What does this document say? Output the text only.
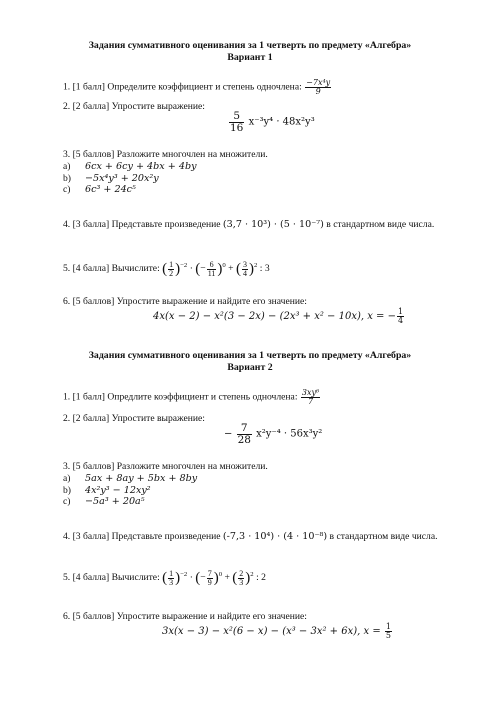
Задания суммативного оценивания за 1 четверть по предмету «Алгебра»
Вариант 1
1. [1 балл] Определите коэффициент и степень одночлена: $\frac{\text{−7x⁴y}}{9}$
2. [2 балла] Упростите выражение:
$\frac{5}{16} x^{-3}y^4 \cdot 48x^2y^3$
3. [5 баллов] Разложите многочлен на множители.
a) 6cx + 6cy + 4bx + 4by
b) −5x⁴y³ + 20x²y
c) 6c³ + 24c⁵
4. [3 балла] Представьте произведение (3,7 · 10³) · (5 · 10⁻⁷) в стандартном виде числа.
5. [4 балла] Вычислите: ( $\frac{1}{2} )^{-2}$ · (− $\frac{6}{11} )^0$ + ( $\frac{3}{4} )^2$ : 3
6. [5 баллов] Упростите выражение и найдите его значение:
4x(x − 2) − x²(3 − 2x) − (2x³ + x² − 10x), x = − $\frac{1}{4}$
Задания суммативного оценивания за 1 четверть по предмету «Алгебра»
Вариант 2
1. [1 балл] Опредлите коэффициент и степень одночлена: $\frac{\text{3xy⁶}}{7}$
2. [2 балла] Упростите выражение:
− $\frac{7}{28} x^2y^{-4} \cdot 56x^3y^2$
3. [5 баллов] Разложите многочлен на множители.
a) 5ax + 8ay + 5bx + 8by
b) 4x²y³ − 12xy²
c) −5a³ + 20a⁵
4. [3 балла] Представьте произведение (-7,3 · 10⁴) · (4 · 10⁻⁸) в стандартном виде числа.
5. [4 балла] Вычислите: ( $\frac{1}{3} )^{-2}$ · (− $\frac{7}{9} )^0$ + ( $\frac{2}{3} )^2$ : 2
6. [5 баллов] Упростите выражение и найдите его значение:
3x(x − 3) − x²(6 − x) − (x³ − 3x² + 6x), $x = \frac{1}{5}$
